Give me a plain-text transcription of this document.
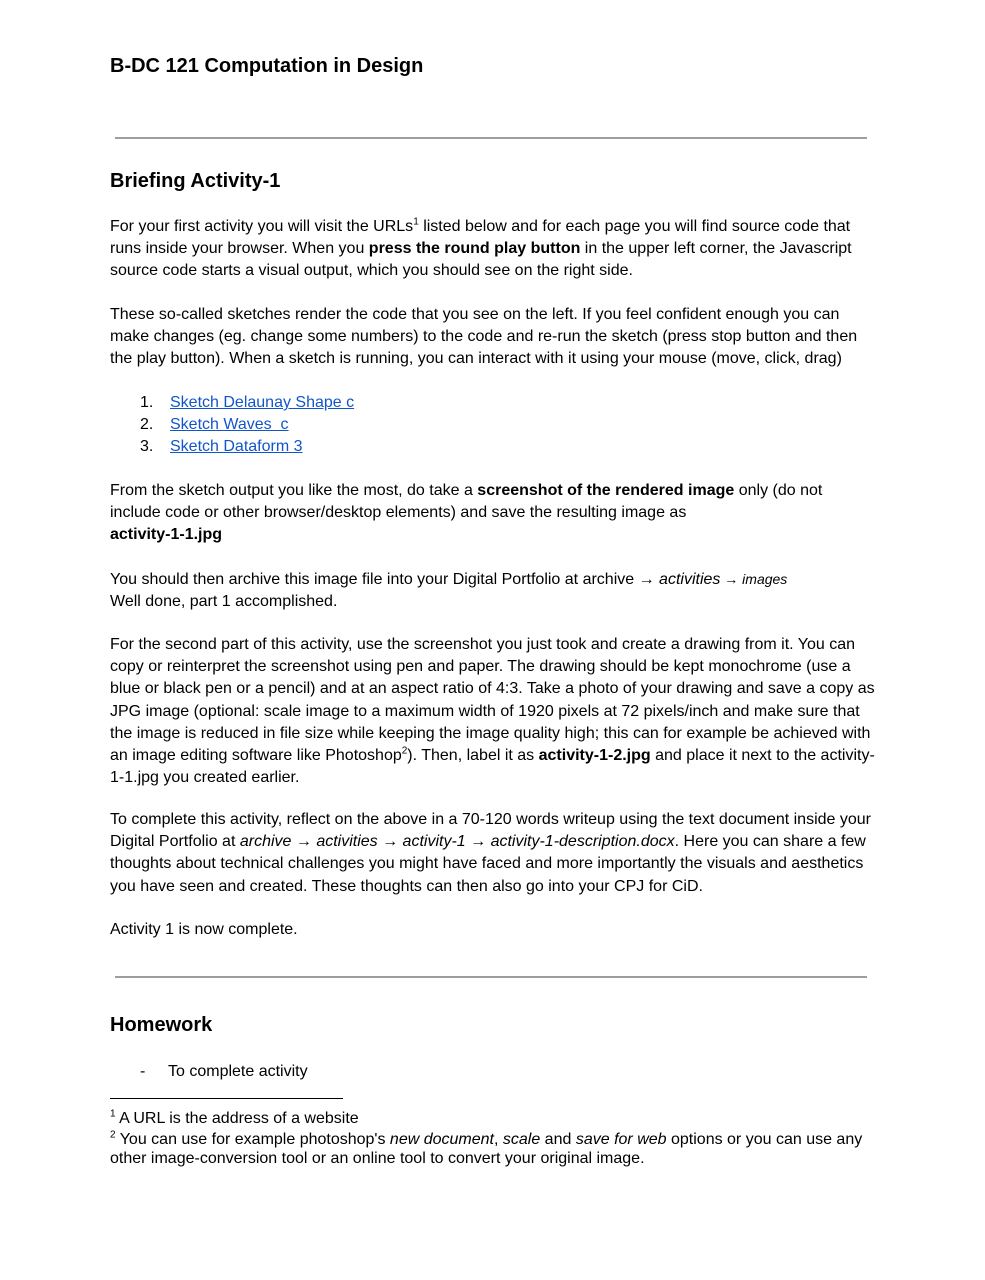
B-DC 121 Computation in Design
Briefing Activity-1

For your first activity you will visit the URLs$^1$ listed below and for each page you will find source code that runs inside your browser. When you press the round play button in the upper left corner, the Javascript source code starts a visual output, which you should see on the right side.

These so-called sketches render the code that you see on the left. If you feel confident enough you can make changes (eg. change some numbers) to the code and re-run the sketch (press stop button and then the play button). When a sketch is running, you can interact with it using your mouse (move, click, drag)

1.	Sketch Delaunay Shape c
2.	Sketch Waves  c
3.	Sketch Dataform 3

From the sketch output you like the most, do take a screenshot of the rendered image only (do not include code or other browser/desktop elements) and save the resulting image as
activity-1-1.jpg

You should then archive this image file into your Digital Portfolio at archive → activities → images
Well done, part 1 accomplished.

For the second part of this activity, use the screenshot you just took and create a drawing from it. You can copy or reinterpret the screenshot using pen and paper. The drawing should be kept monochrome (use a blue or black pen or a pencil) and at an aspect ratio of 4:3. Take a photo of your drawing and save a copy as JPG image (optional: scale image to a maximum width of 1920 pixels at 72 pixels/inch and make sure that the image is reduced in file size while keeping the image quality high; this can for example be achieved with an image editing software like Photoshop$^2$). Then, label it as activity-1-2.jpg and place it next to the activity-1-1.jpg you created earlier.

To complete this activity, reflect on the above in a 70-120 words writeup using the text document inside your Digital Portfolio at archive → activities → activity-1 → activity-1-description.docx. Here you can share a few thoughts about technical challenges you might have faced and more importantly the visuals and aesthetics you have seen and created. These thoughts can then also go into your CPJ for CiD.

Activity 1 is now complete.

Homework
- To complete activity

$^1$ A URL is the address of a website

$^2$ You can use for example photoshop's new document, scale and save for web options or you can use any other image-conversion tool or an online tool to convert your original image.
